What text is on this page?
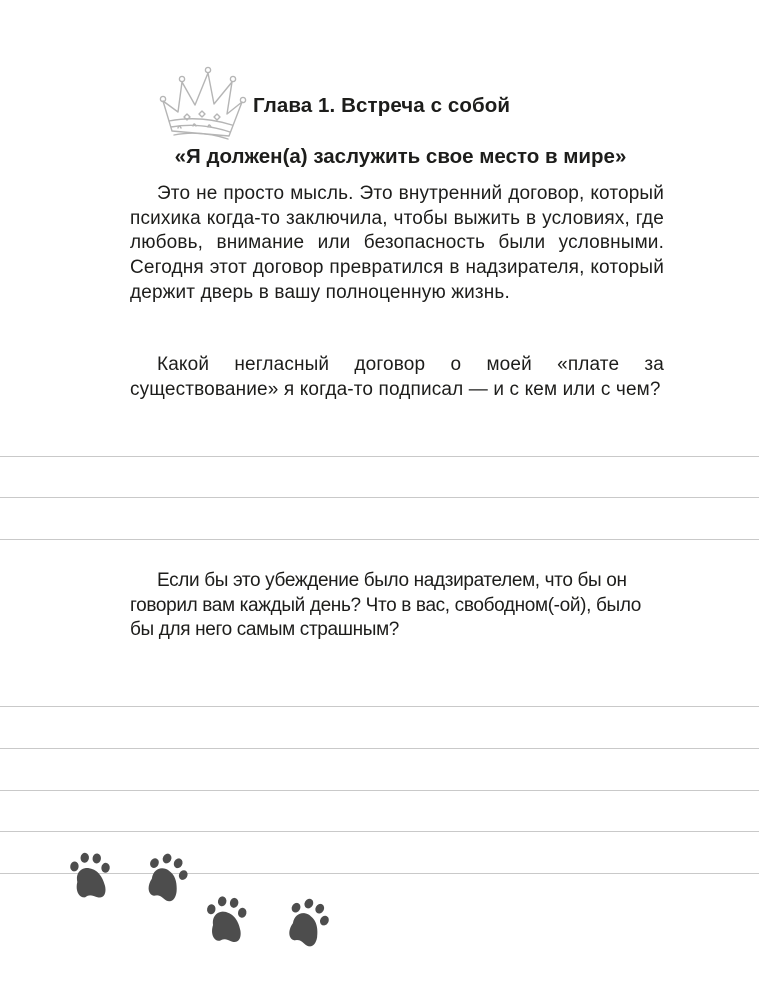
Глава 1. Встреча с собой
«Я должен(а) заслужить свое место в мире»

Это не просто мысль. Это внутренний договор, который психика когда-то заключила, чтобы выжить в условиях, где любовь, внимание или безопасность были условными. Сегодня этот договор превратился в надзирателя, который держит дверь в вашу полноценную жизнь.

Какой негласный договор о моей «плате за существование» я когда-то подписал — и с кем или с чем?

Если бы это убеждение было надзирателем, что бы он говорил вам каждый день? Что в вас, свободном(-ой), было бы для него самым страшным?
